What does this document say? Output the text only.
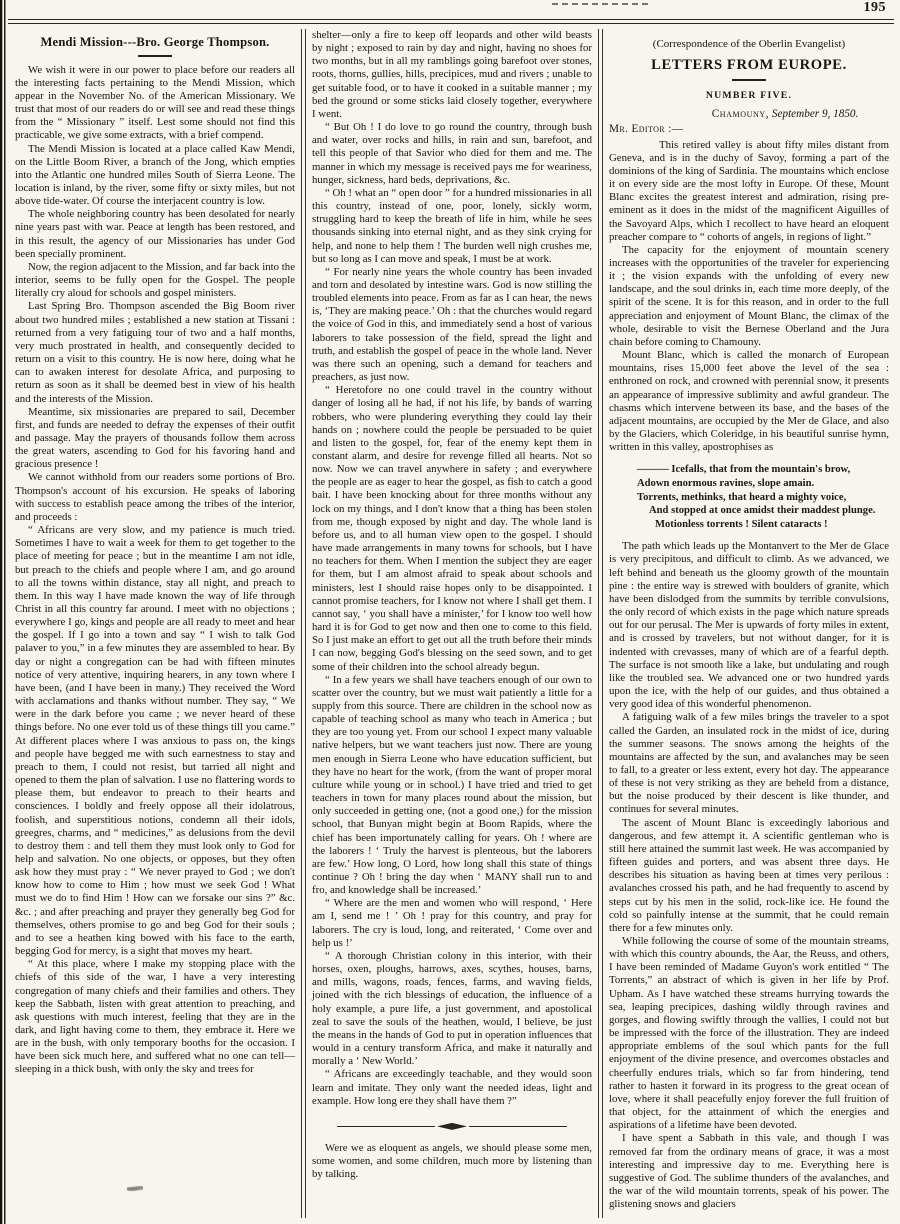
195
Mendi Mission---Bro. George Thompson.

We wish it were in our power to place before our readers all the interesting facts pertaining to the Mendi Mission, which appear in the November No. of the American Missionary. We trust that most of our readers do or will see and read these things from the “ Missionary ” itself. Lest some should not find this practicable, we give some extracts, with a brief compend.

The Mendi Mission is located at a place called Kaw Mendi, on the Little Boom River, a branch of the Jong, which empties into the Atlantic one hundred miles South of Sierra Leone. The location is inland, by the river, some fifty or sixty miles, but not above tide-water. Of course the interjacent country is low.

The whole neighboring country has been desolated for nearly nine years past with war. Peace at length has been restored, and in this result, the agency of our Missionaries has under God been specially prominent.

Now, the region adjacent to the Mission, and far back into the interior, seems to be fully open for the Gospel. The people literally cry aloud for schools and gospel ministers.

Last Spring Bro. Thompson ascended the Big Boom river about two hundred miles ; established a new station at Tissani : returned from a very fatiguing tour of two and a half months, very much prostrated in health, and consequently decided to return on a visit to this country. He is now here, doing what he can to awaken interest for desolate Africa, and purposing to return as soon as it shall be deemed best in view of his health and the interests of the Mission.

Meantime, six missionaries are prepared to sail, December first, and funds are needed to defray the expenses of their outfit and passage. May the prayers of thousands follow them across the great waters, ascending to God for his favoring hand and gracious presence !

We cannot withhold from our readers some portions of Bro. Thompson's account of his excursion. He speaks of laboring with success to establish peace among the tribes of the interior, and proceeds :

“ Africans are very slow, and my patience is much tried. Sometimes I have to wait a week for them to get together to the place of meeting for peace ; but in the meantime I am not idle, but preach to the chiefs and people where I am, and go around to all the towns within distance, stay all night, and preach to them. In this way I have made known the way of life through Christ in all this country far around. I meet with no objections ; everywhere I go, kings and people are all ready to meet and hear the gospel. If I go into a town and say “ I wish to talk God palaver to you,” in a few minutes they are assembled to hear. By day or night a congregation can be had with fifteen minutes notice of very attentive, inquiring hearers, in any town where I have been, (and I have been in many.) They received the Word with acclamations and thanks without number. They say, “ We were in the dark before you came ; we never heard of these things before. No one ever told us of these things till you came.” At different places where I was anxious to pass on, the kings and people have begged me with such earnestness to stay and preach to them, I could not resist, but tarried all night and opened to them the plan of salvation. I use no flattering words to please them, but endeavor to preach to their hearts and consciences. I boldly and freely oppose all their idolatrous, foolish, and superstitious notions, condemn all their idols, greegres, charms, and “ medicines,” as delusions from the devil to destroy them : and tell them they must look only to God for help and salvation. No one objects, or opposes, but they often ask how they must pray : “ We never prayed to God ; we don't know how to come to Him ; how must we seek God ! What must we do to find Him ! How can we forsake our sins ?” &c. &c. ; and after preaching and prayer they generally beg God for themselves, others promise to go and beg God for their souls ; and to see a heathen king bowed with his face to the earth, begging God for mercy, is a sight that moves my heart.

“ At this place, where I make my stopping place with the chiefs of this side of the war, I have a very interesting congregation of many chiefs and their families and others. They keep the Sabbath, listen with great attention to preaching, and ask questions with much interest, feeling that they are in the dark, and light having come to them, they embrace it. Here we are in the bush, with only temporary booths for the occasion. I have been sick much here, and suffered what no one can tell—sleeping in a thick bush, with only the sky and trees for

shelter—only a fire to keep off leopards and other wild beasts by night ; exposed to rain by day and night, having no shoes for two months, but in all my ramblings going barefoot over stones, roots, thorns, gullies, hills, precipices, mud and rivers ; unable to get suitable food, or to have it cooked in a suitable manner ; my bed the ground or some sticks laid closely together, everywhere I went.

“ But Oh ! I do love to go round the country, through bush and water, over rocks and hills, in rain and sun, barefoot, and tell this people of that Savior who died for them and me. The manner in which my message is received pays me for weariness, hunger, sickness, hard beds, deprivations, &c.

“ Oh ! what an “ open door ” for a hundred missionaries in all this country, instead of one, poor, lonely, sickly worm, struggling hard to keep the breath of life in him, while he sees thousands sinking into eternal night, and as they sink crying for help, and none to help them ! The burden well nigh crushes me, but so long as I can move and speak, I must be at work.

“ For nearly nine years the whole country has been invaded and torn and desolated by intestine wars. God is now stilling the troubled elements into peace. From as far as I can hear, the news is, ‘They are making peace.’ Oh : that the churches would regard the voice of God in this, and immediately send a host of various laborers to take possession of the field, spread the light and truth, and establish the gospel of peace in the whole land. Never was there such an opening, such a demand for teachers and preachers, as just now.

“ Heretofore no one could travel in the country without danger of losing all he had, if not his life, by bands of warring robbers, who were plundering everything they could lay their hands on ; nowhere could the people be persuaded to be quiet and listen to the gospel, for, fear of the enemy kept them in constant alarm, and desire for revenge filled all hearts. Not so now. Now we can travel anywhere in safety ; and everywhere the people are as eager to hear the gospel, as fish to catch a good bait. I have been knocking about for three months without any lock on my things, and I don't know that a thing has been stolen from me, though exposed by night and day. The whole land is before us, and to all human view open to the gospel. I should have made arrangements in many towns for schools, but I have no teachers for them. When I mention the subject they are eager for them, but I am almost afraid to speak about schools and ministers, lest I should raise hopes only to be disappointed. I cannot promise teachers, for I know not where I shall get them. I cannot say, ‘ you shall have a minister,’ for I know too well how hard it is for God to get now and then one to come to this field. So I just make an effort to get out all the truth before their minds I can now, begging God's blessing on the seed sown, and to get some of their children into the school already begun.

“ In a few years we shall have teachers enough of our own to scatter over the country, but we must wait patiently a little for a supply from this source. There are children in the school now as capable of teaching school as many who teach in America ; but they are too young yet. From our school I expect many valuable native helpers, but we want teachers just now. There are young men enough in Sierra Leone who have education sufficient, but they have no heart for the work, (from the want of proper moral culture while young or in school.) I have tried and tried to get teachers in town for many places round about the mission, but only succeeded in getting one, (not a good one,) for the mission school, that Bunyan might begin at Boom Rapids, where the chief has been importunately calling for years. Oh ! where are the laborers ! ‘ Truly the harvest is plenteous, but the laborers are few.’ How long, O Lord, how long shall this state of things continue ? Oh ! bring the day when ‘ MANY shall run to and fro, and knowledge shall be increased.’

“ Where are the men and women who will respond, ‘ Here am I, send me ! ’ Oh ! pray for this country, and pray for laborers. The cry is loud, long, and reiterated, ‘ Come over and help us !’

“ A thorough Christian colony in this interior, with their horses, oxen, ploughs, harrows, axes, scythes, houses, barns, and mills, wagons, roads, fences, farms, and waving fields, joined with the rich blessings of education, the influence of a holy example, a pure life, a just government, and apostolical zeal to save the souls of the heathen, would, I believe, be just the means in the hands of God to put in operation influences that would in a century transform Africa, and make it naturally and morally a ‘ New World.’

“ Africans are exceedingly teachable, and they would soon learn and imitate. They only want the needed ideas, light and example. How long ere they shall have them ?”

Were we as eloquent as angels, we should please some men, some women, and some children, much more by listening than by talking.

(Correspondence of the Oberlin Evangelist)
LETTERS FROM EUROPE.
NUMBER FIVE.
Chamouny, September 9, 1850.
Mr. Editor :—

This retired valley is about fifty miles distant from Geneva, and is in the duchy of Savoy, forming a part of the dominions of the king of Sardinia. The mountains which enclose it on every side are the most lofty in Europe. Of these, Mount Blanc excites the greatest interest and admiration, rising pre-eminent as it does in the midst of the magnificent Aiguilles of the Savoyard Alps, which I recollect to have heard an eloquent preacher compare to “ cohorts of angels, in regions of light.”

The capacity for the enjoyment of mountain scenery increases with the opportunities of the traveler for experiencing it ; the vision expands with the unfolding of every new landscape, and the soul drinks in, each time more deeply, of the spirit of the scene. It is for this reason, and in order to the full appreciation and enjoyment of Mount Blanc, the climax of the whole, desirable to visit the Bernese Oberland and the Jura chain before coming to Chamouny.

Mount Blanc, which is called the monarch of European mountains, rises 15,000 feet above the level of the sea : enthroned on rock, and crowned with perennial snow, it presents an appearance of impressive sublimity and awful grandeur. The chasms which intervene between its base, and the bases of the adjacent mountains, are occupied by the Mer de Glace, and also by the Glaciers, which Coleridge, in his beautiful sunrise hymn, written in this valley, apostrophises as

——— Icefalls, that from the mountain's brow,
Adown enormous ravines, slope amain.
Torrents, methinks, that heard a mighty voice,
And stopped at once amidst their maddest plunge.
Motionless torrents ! Silent cataracts !

The path which leads up the Montanvert to the Mer de Glace is very precipitous, and difficult to climb. As we advanced, we left behind and beneath us the gloomy growth of the mountain pine : the entire way is strewed with boulders of granite, which have been dislodged from the summits by terrible convulsions, the only record of which exists in the page which nature spreads out for our perusal. The Mer is upwards of forty miles in extent, and is crossed by travelers, but not without danger, for it is indented with crevasses, many of which are of a fearful depth. The surface is not smooth like a lake, but undulating and rough like the troubled sea. We advanced one or two hundred yards upon the ice, with the help of our guides, and thus obtained a very good idea of this wonderful phenomenon.

A fatiguing walk of a few miles brings the traveler to a spot called the Garden, an insulated rock in the midst of ice, during the summer seasons. The snows among the heights of the mountains are affected by the sun, and avalanches may be seen to fall, to a greater or less extent, every hot day. The appearance of these is not very striking as they are beheld from a distance, but the noise produced by their descent is like thunder, and continues for several minutes.

The ascent of Mount Blanc is exceedingly laborious and dangerous, and few attempt it. A scientific gentleman who is still here attained the summit last week. He was accompanied by fifteen guides and porters, and was absent three days. He describes his situation as having been at times very perilous : avalanches crossed his path, and he had frequently to ascend by steps cut by his men in the solid, rock-like ice. He found the cold so painfully intense at the summit, that he could remain there for a few minutes only.

While following the course of some of the mountain streams, with which this country abounds, the Aar, the Reuss, and others, I have been reminded of Madame Guyon's work entitled “ The Torrents,” an abstract of which is given in her life by Prof. Upham. As I have watched these streams hurrying towards the sea, leaping precipices, dashing wildly through ravines and gorges, and flowing swiftly through the vallies, I could not but be impressed with the force of the illustration. They are indeed appropriate emblems of the soul which pants for the full enjoyment of the divine presence, and overcomes obstacles and cheerfully endures trials, which so far from hindering, tend rather to hasten it forward in its progress to the great ocean of love, where it shall peacefully enjoy forever the full fruition of that object, for the attainment of which the energies and aspirations of a lifetime have been devoted.

I have spent a Sabbath in this vale, and though I was removed far from the ordinary means of grace, it was a most interesting and impressive day to me. Everything here is suggestive of God. The sublime thunders of the avalanches, and the war of the wild mountain torrents, speak of his power. The glistening snows and glaciers
